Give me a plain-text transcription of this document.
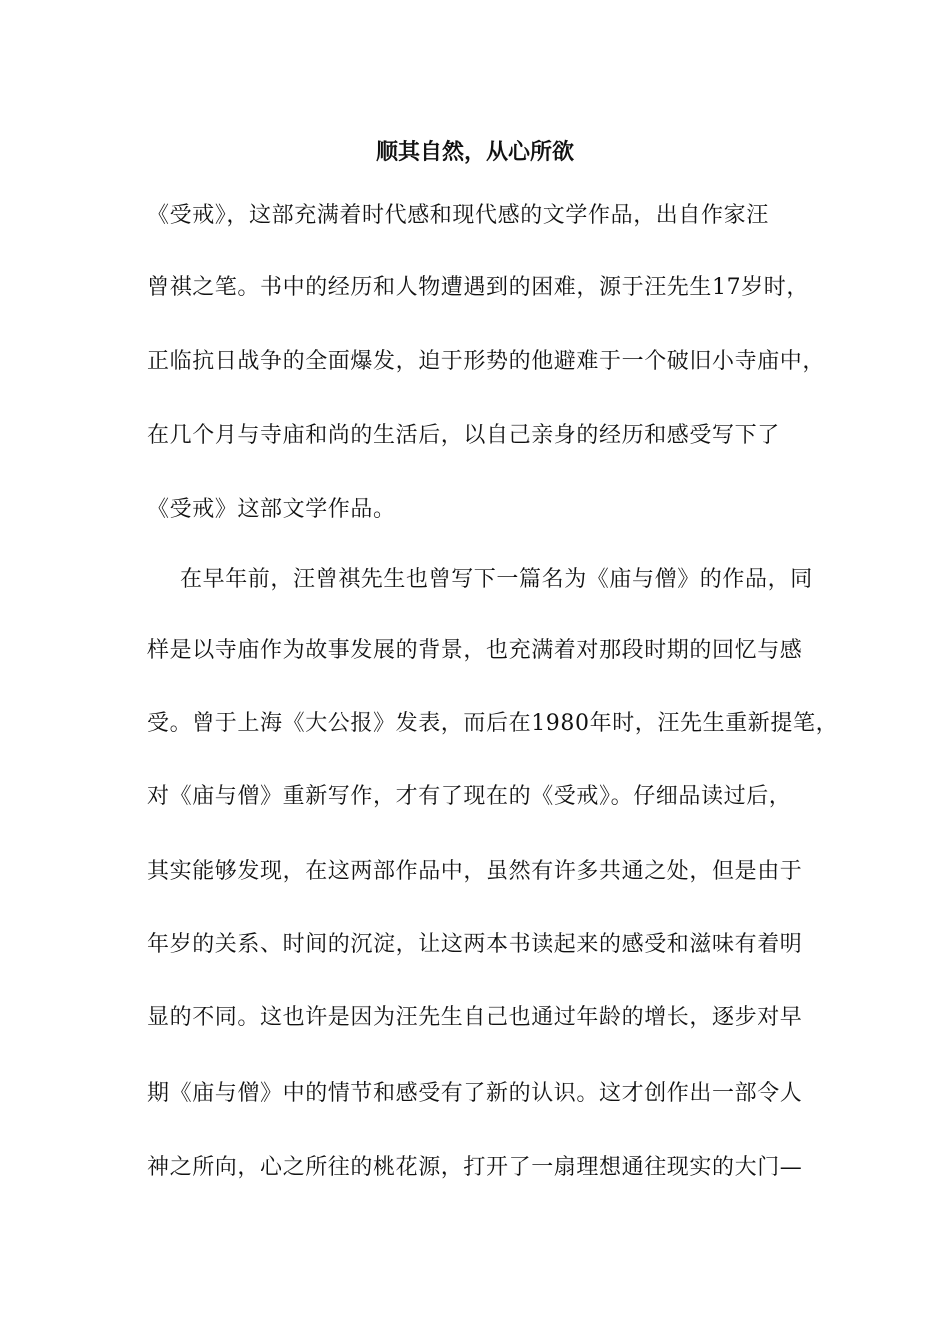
顺其自然，从心所欲
《受戒》，这部充满着时代感和现代感的文学作品，出自作家汪
曾祺之笔。书中的经历和人物遭遇到的困难，源于汪先生17岁时，
正临抗日战争的全面爆发，迫于形势的他避难于一个破旧小寺庙中，
在几个月与寺庙和尚的生活后，以自己亲身的经历和感受写下了
《受戒》这部文学作品。
在早年前，汪曾祺先生也曾写下一篇名为《庙与僧》的作品，同
样是以寺庙作为故事发展的背景，也充满着对那段时期的回忆与感
受。曾于上海《大公报》发表，而后在1980年时，汪先生重新提笔，
对《庙与僧》重新写作，才有了现在的《受戒》。仔细品读过后，
其实能够发现，在这两部作品中，虽然有许多共通之处，但是由于
年岁的关系、时间的沉淀，让这两本书读起来的感受和滋味有着明
显的不同。这也许是因为汪先生自己也通过年龄的增长，逐步对早
期《庙与僧》中的情节和感受有了新的认识。这才创作出一部令人
神之所向，心之所往的桃花源，打开了一扇理想通往现实的大门—
